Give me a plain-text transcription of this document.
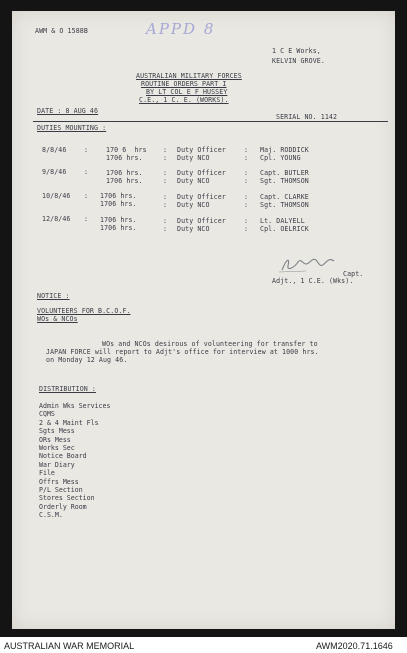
AWM & O 1588B	APPD 8
1 C E Works,
KELVIN GROVE.
AUSTRALIAN MILITARY FORCES
ROUTINE ORDERS PART I
BY LT COL E F HUSSEY
C.E., 1 C. E. (WORKS).
DATE : 8 AUG 46
SERIAL NO. 1142
DUTIES MOUNTING :
8/8/46	:	170 6  hrs : Duty Officer	: Maj. RODDICK
1706 hrs.	: Duty NCO	: Cpl. YOUNG
9/8/46	:	1706 hrs.	: Duty Officer	: Capt. BUTLER
1706 hrs.	: Duty NCO	: Sgt. THOMSON
10/8/46 : 1706 hrs.	: Duty Officer	: Capt. CLARKE
1706 hrs.	: Duty NCO	: Sgt. THOMSON
12/8/46 : 1706 hrs.	: Duty Officer	: Lt. DALYELL
1706 hrs.	: Duty NCO	: Cpl. OELRICK
Capt.
Adjt., 1 C.E. (Wks).
NOTICE :
VOLUNTEERS FOR B.C.O.F.
WOs & NCOs
WOs and NCOs desirous of volunteering for transfer to
JAPAN FORCE will report to Adjt's office for interview at 1000 hrs.
on Monday 12 Aug 46.
DISTRIBUTION :
Admin Wks Services
CQMS
2 & 4 Maint Fls
Sgts Mess
ORs Mess
Works Sec
Notice Board
War Diary
File
Offrs Mess
P/L Section
Stores Section
Orderly Room
C.S.M.
AUSTRALIAN WAR MEMORIAL	AWM2020.71.1646
